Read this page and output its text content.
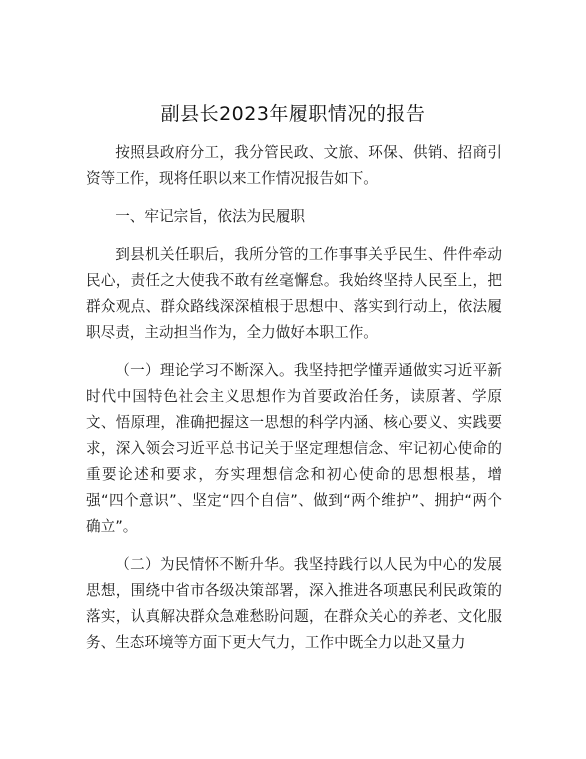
副县长2023年履职情况的报告

按照县政府分工，我分管民政、文旅、环保、供销、招商引资等工作，现将任职以来工作情况报告如下。

一、牢记宗旨，依法为民履职

到县机关任职后，我所分管的工作事事关乎民生、件件牵动民心，责任之大使我不敢有丝毫懈怠。我始终坚持人民至上，把群众观点、群众路线深深植根于思想中、落实到行动上，依法履职尽责，主动担当作为，全力做好本职工作。

（一）理论学习不断深入。我坚持把学懂弄通做实习近平新时代中国特色社会主义思想作为首要政治任务，读原著、学原文、悟原理，准确把握这一思想的科学内涵、核心要义、实践要求，深入领会习近平总书记关于坚定理想信念、牢记初心使命的重要论述和要求，夯实理想信念和初心使命的思想根基，增强“四个意识”、坚定“四个自信”、做到“两个维护”、拥护“两个确立”。

（二）为民情怀不断升华。我坚持践行以人民为中心的发展思想，围绕中省市各级决策部署，深入推进各项惠民利民政策的落实，认真解决群众急难愁盼问题，在群众关心的养老、文化服务、生态环境等方面下更大气力，工作中既全力以赴又量力
